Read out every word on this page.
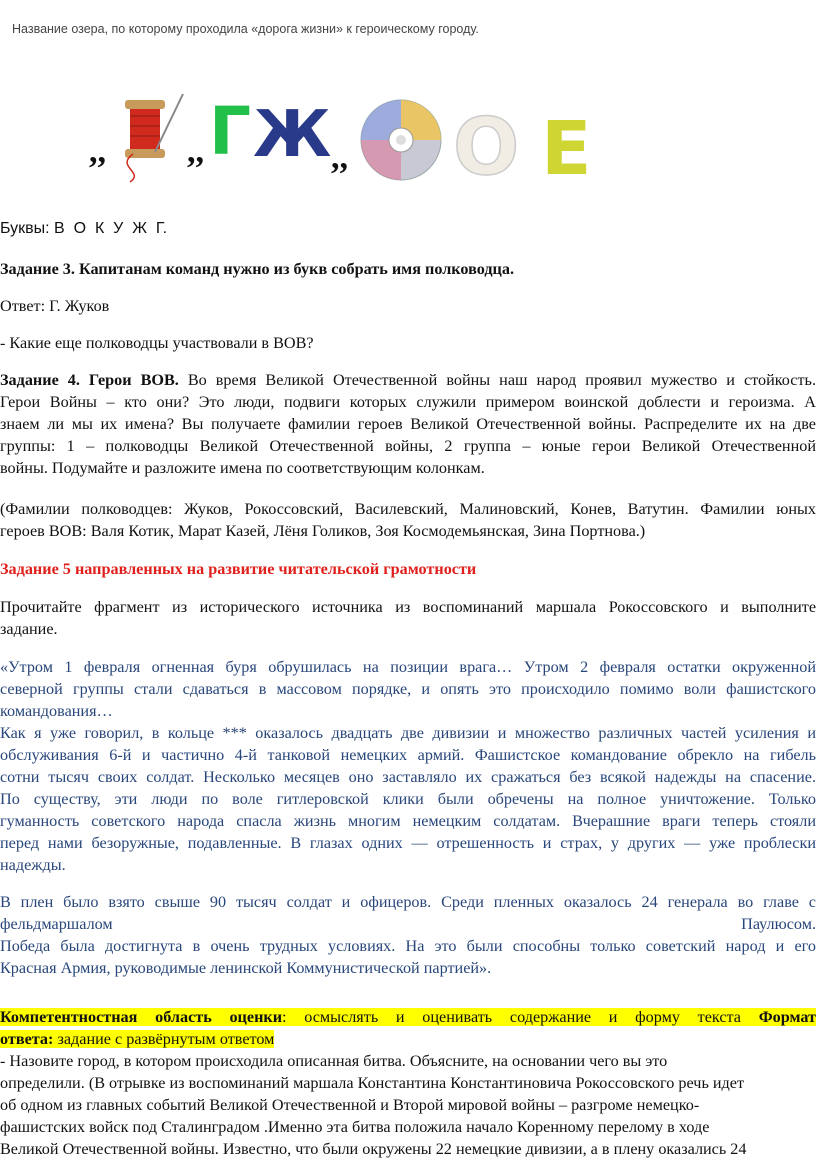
Название озера, по которому проходила «дорога жизни» к героическому городу.
,, ,, Г Ж ,, О Е

Буквы: В  О  К  У  Ж  Г.

Задание 3. Капитанам команд нужно из букв собрать имя полководца.

Ответ: Г. Жуков

- Какие еще полководцы участвовали в ВОВ?

Задание 4. Герои ВОВ. Во время Великой Отечественной войны наш народ проявил мужество и стойкость.

Герои Войны – кто они? Это люди, подвиги которых служили примером воинской доблести и героизма. А

знаем ли мы их имена? Вы получаете фамилии героев Великой Отечественной войны. Распределите их на две

группы: 1 – полководцы Великой Отечественной войны, 2 группа – юные герои Великой Отечественной

войны. Подумайте и разложите имена по соответствующим колонкам.

(Фамилии полководцев: Жуков, Рокоссовский, Василевский, Малиновский, Конев, Ватутин. Фамилии юных

героев ВОВ: Валя Котик, Марат Казей, Лёня Голиков, Зоя Космодемьянская, Зина Портнова.)

Задание 5 направленных на развитие читательской грамотности

Прочитайте фрагмент из исторического источника из воспоминаний маршала Рокоссовского и выполните

задание.

«Утром 1 февраля огненная буря обрушилась на позиции врага… Утром 2 февраля остатки окруженной

северной группы стали сдаваться в массовом порядке, и опять это происходило помимо воли фашистского

командования…

Как я уже говорил, в кольце *** оказалось двадцать две дивизии и множество различных частей усиления и

обслуживания 6-й и частично 4-й танковой немецких армий. Фашистское командование обрекло на гибель

сотни тысяч своих солдат. Несколько месяцев оно заставляло их сражаться без всякой надежды на спасение.

По существу, эти люди по воле гитлеровской клики были обречены на полное уничтожение. Только

гуманность советского народа спасла жизнь многим немецким солдатам. Вчерашние враги теперь стояли

перед нами безоружные, подавленные. В глазах одних — отрешенность и страх, у других — уже проблески

надежды.

В плен было взято свыше 90 тысяч солдат и офицеров. Среди пленных оказалось 24 генерала во главе с

фельдмаршалом	Паулюсом.

Победа была достигнута в очень трудных условиях. На это были способны только советский народ и его

Красная Армия, руководимые ленинской Коммунистической партией».

Компетентностная область оценки: осмыслять и оценивать содержание и форму текста Формат

ответа: задание с развёрнутым ответом

- Назовите город, в котором происходила описанная битва. Объясните, на основании чего вы это

определили. (В отрывке из воспоминаний маршала Константина Константиновича Рокоссовского речь идет

об одном из главных событий Великой Отечественной и Второй мировой войны – разгроме немецко-

фашистских войск под Сталинградом .Именно эта битва положила начало Коренному перелому в ходе

Великой Отечественной войны. Известно, что были окружены 22 немецкие дивизии, а в плену оказались 24
